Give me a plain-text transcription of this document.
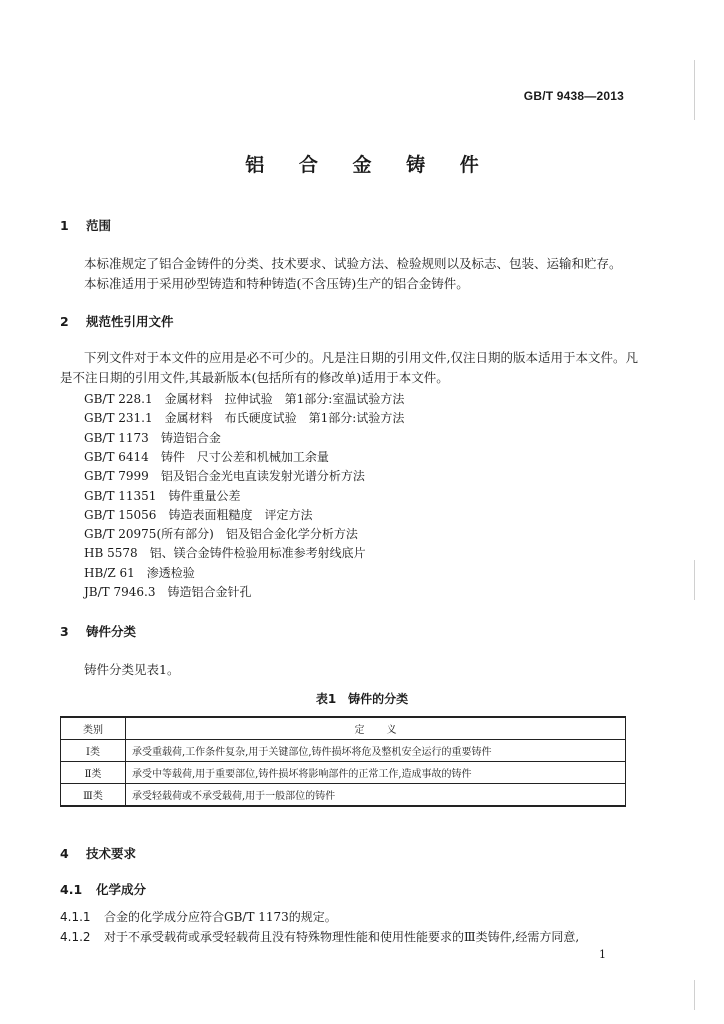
GB/T 9438—2013
铝 合 金 铸 件
1 范围
本标准规定了铝合金铸件的分类、技术要求、试验方法、检验规则以及标志、包装、运输和贮存。
本标准适用于采用砂型铸造和特种铸造(不含压铸)生产的铝合金铸件。
2 规范性引用文件
下列文件对于本文件的应用是必不可少的。凡是注日期的引用文件,仅注日期的版本适用于本文件。凡是不注日期的引用文件,其最新版本(包括所有的修改单)适用于本文件。
GB/T 228.1　 金属材料　拉伸试验　第1部分:室温试验方法
GB/T 231.1　 金属材料　布氏硬度试验　第1部分:试验方法
GB/T 1173　 铸造铝合金
GB/T 6414　 铸件　尺寸公差和机械加工余量
GB/T 7999　 铝及铝合金光电直读发射光谱分析方法
GB/T 11351　 铸件重量公差
GB/T 15056　 铸造表面粗糙度　评定方法
GB/T 20975(所有部分)　 铝及铝合金化学分析方法
HB 5578　 铝、镁合金铸件检验用标准参考射线底片
HB/Z 61　 渗透检验
JB/T 7946.3　 铸造铝合金针孔
3 铸件分类
铸件分类见表1。
表1　铸件的分类
类别	定义
Ⅰ类	承受重载荷,工作条件复杂,用于关键部位,铸件损坏将危及整机安全运行的重要铸件
Ⅱ类	承受中等载荷,用于重要部位,铸件损坏将影响部件的正常工作,造成事故的铸件
Ⅲ类	承受轻载荷或不承受载荷,用于一般部位的铸件
4 技术要求
4.1 化学成分
4.1.1 合金的化学成分应符合GB/T 1173的规定。
4.1.2 对于不承受载荷或承受轻载荷且没有特殊物理性能和使用性能要求的Ⅲ类铸件,经需方同意,
1
